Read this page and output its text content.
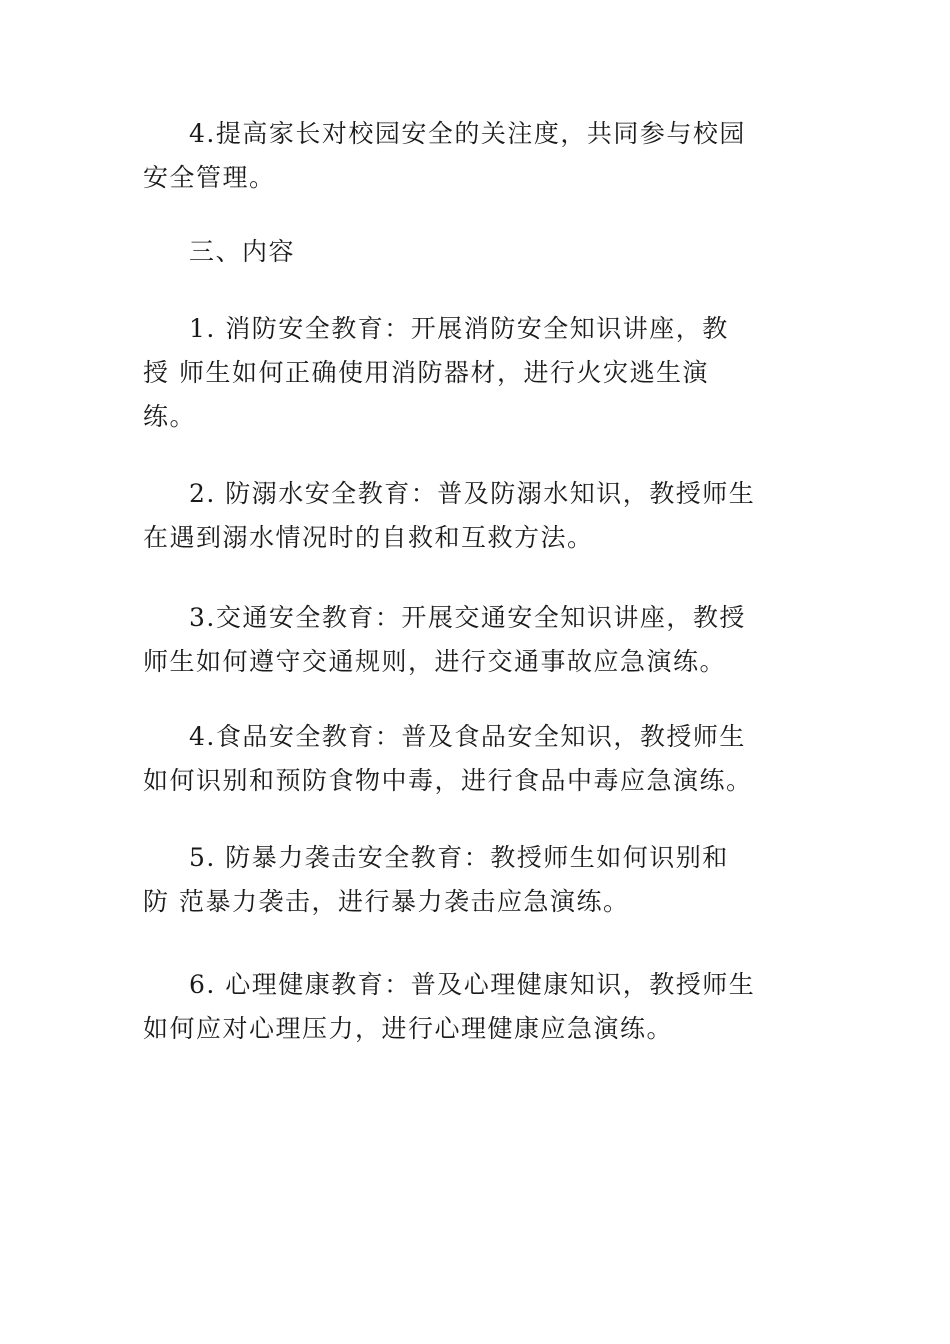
4.提高家长对校园安全的关注度，共同参与校园
安全管理。

三、内容

1. 消防安全教育：开展消防安全知识讲座，教
授 师生如何正确使用消防器材，进行火灾逃生演
练。

2. 防溺水安全教育：普及防溺水知识，教授师生
在遇到溺水情况时的自救和互救方法。

3.交通安全教育：开展交通安全知识讲座，教授
师生如何遵守交通规则，进行交通事故应急演练。

4.食品安全教育：普及食品安全知识，教授师生
如何识别和预防食物中毒，进行食品中毒应急演练。

5. 防暴力袭击安全教育：教授师生如何识别和
防 范暴力袭击，进行暴力袭击应急演练。

6. 心理健康教育：普及心理健康知识，教授师生
如何应对心理压力，进行心理健康应急演练。
